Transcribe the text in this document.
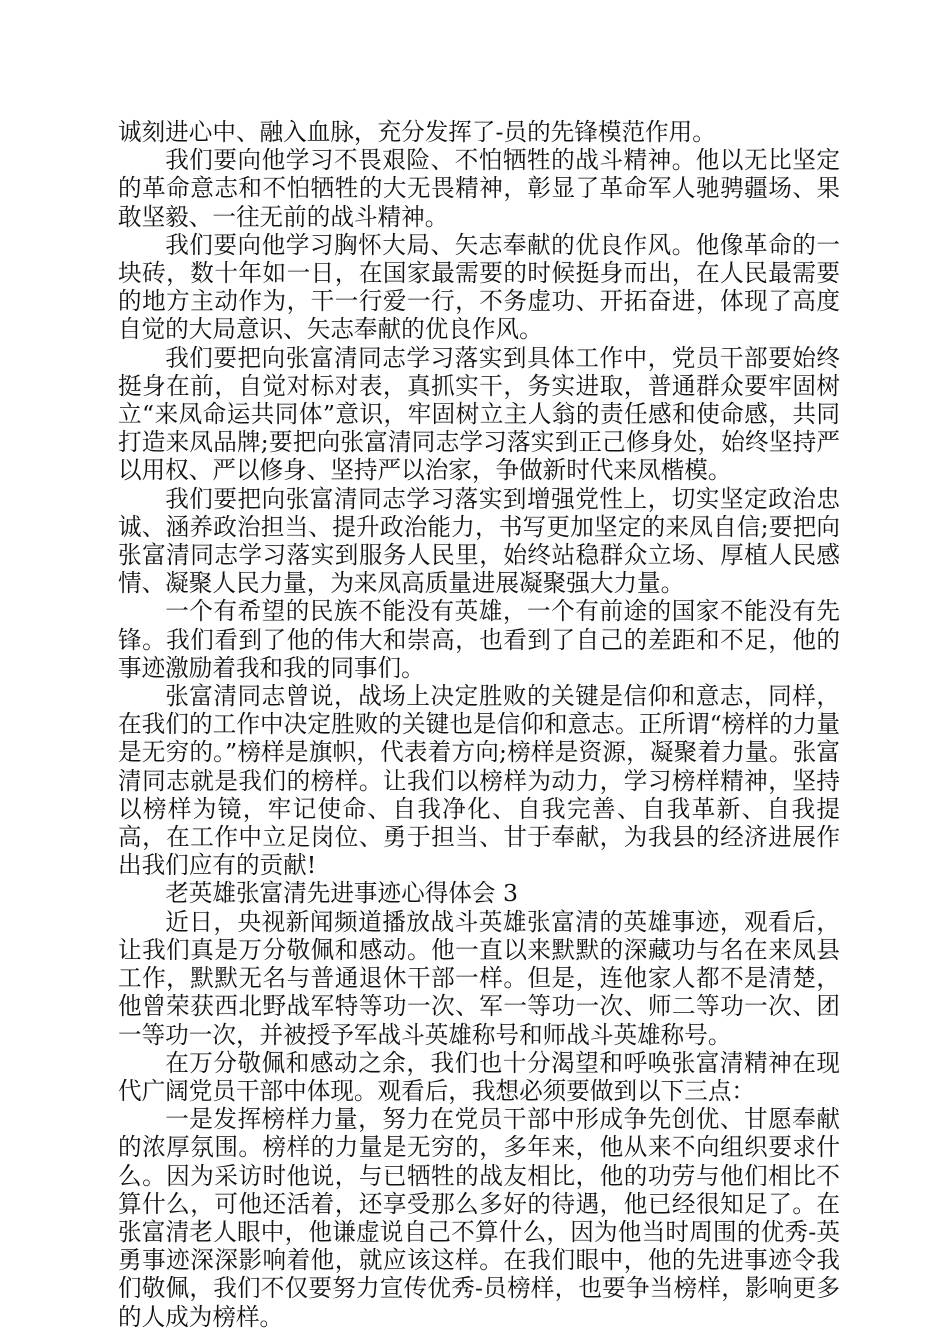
诚刻进心中、融入血脉，充分发挥了-员的先锋模范作用。

我们要向他学习不畏艰险、不怕牺牲的战斗精神。他以无比坚定的革命意志和不怕牺牲的大无畏精神，彰显了革命军人驰骋疆场、果敢坚毅、一往无前的战斗精神。

我们要向他学习胸怀大局、矢志奉献的优良作风。他像革命的一块砖，数十年如一日，在国家最需要的时候挺身而出，在人民最需要的地方主动作为，干一行爱一行，不务虚功、开拓奋进，体现了高度自觉的大局意识、矢志奉献的优良作风。

我们要把向张富清同志学习落实到具体工作中，党员干部要始终挺身在前，自觉对标对表，真抓实干，务实进取，普通群众要牢固树立“来凤命运共同体”意识，牢固树立主人翁的责任感和使命感，共同打造来凤品牌;要把向张富清同志学习落实到正己修身处，始终坚持严以用权、严以修身、坚持严以治家，争做新时代来凤楷模。

我们要把向张富清同志学习落实到增强党性上，切实坚定政治忠诚、涵养政治担当、提升政治能力，书写更加坚定的来凤自信;要把向张富清同志学习落实到服务人民里，始终站稳群众立场、厚植人民感情、凝聚人民力量，为来凤高质量进展凝聚强大力量。

一个有希望的民族不能没有英雄，一个有前途的国家不能没有先锋。我们看到了他的伟大和崇高，也看到了自己的差距和不足，他的事迹激励着我和我的同事们。

张富清同志曾说，战场上决定胜败的关键是信仰和意志，同样，在我们的工作中决定胜败的关键也是信仰和意志。正所谓“榜样的力量是无穷的。”榜样是旗帜，代表着方向;榜样是资源，凝聚着力量。张富清同志就是我们的榜样。让我们以榜样为动力，学习榜样精神，坚持以榜样为镜，牢记使命、自我净化、自我完善、自我革新、自我提高，在工作中立足岗位、勇于担当、甘于奉献，为我县的经济进展作出我们应有的贡献!

老英雄张富清先进事迹心得体会 3

近日，央视新闻频道播放战斗英雄张富清的英雄事迹，观看后，让我们真是万分敬佩和感动。他一直以来默默的深藏功与名在来凤县工作，默默无名与普通退休干部一样。但是，连他家人都不是清楚，他曾荣获西北野战军特等功一次、军一等功一次、师二等功一次、团一等功一次，并被授予军战斗英雄称号和师战斗英雄称号。

在万分敬佩和感动之余，我们也十分渴望和呼唤张富清精神在现代广阔党员干部中体现。观看后，我想必须要做到以下三点：

一是发挥榜样力量，努力在党员干部中形成争先创优、甘愿奉献的浓厚氛围。榜样的力量是无穷的，多年来，他从来不向组织要求什么。因为采访时他说，与已牺牲的战友相比，他的功劳与他们相比不算什么，可他还活着，还享受那么多好的待遇，他已经很知足了。在张富清老人眼中，他谦虚说自己不算什么，因为他当时周围的优秀-英勇事迹深深影响着他，就应该这样。在我们眼中，他的先进事迹令我们敬佩，我们不仅要努力宣传优秀-员榜样，也要争当榜样，影响更多的人成为榜样。
